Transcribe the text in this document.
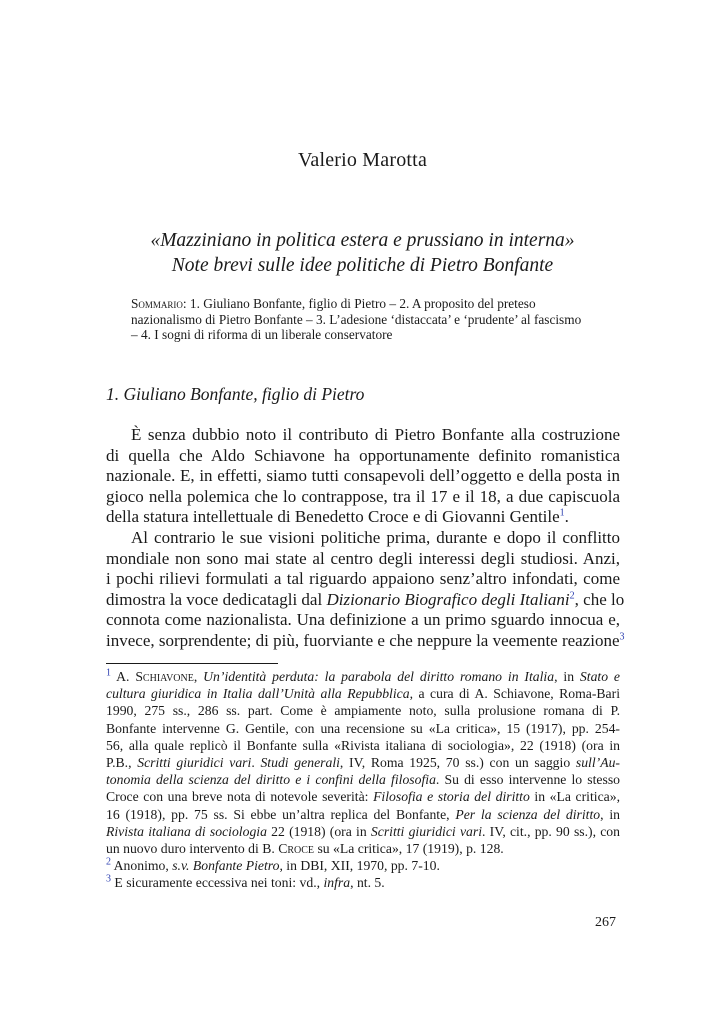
Valerio Marotta
«Mazziniano in politica estera e prussiano in interna»
Note brevi sulle idee politiche di Pietro Bonfante
Sommario: 1. Giuliano Bonfante, figlio di Pietro – 2. A proposito del preteso
nazionalismo di Pietro Bonfante – 3. L’adesione ‘distaccata’ e ‘prudente’ al fascismo
– 4. I sogni di riforma di un liberale conservatore
1. Giuliano Bonfante, figlio di Pietro
È senza dubbio noto il contributo di Pietro Bonfante alla costruzione
di quella che Aldo Schiavone ha opportunamente definito romanistica
nazionale. E, in effetti, siamo tutti consapevoli dell’oggetto e della posta in
gioco nella polemica che lo contrappose, tra il 17 e il 18, a due capiscuola
della statura intellettuale di Benedetto Croce e di Giovanni Gentile$^1$.
Al contrario le sue visioni politiche prima, durante e dopo il conflitto
mondiale non sono mai state al centro degli interessi degli studiosi. Anzi,
i pochi rilievi formulati a tal riguardo appaiono senz’altro infondati, come
dimostra la voce dedicatagli dal Dizionario Biografico degli Italiani$^2$, che lo
connota come nazionalista. Una definizione a un primo sguardo innocua e,
invece, sorprendente; di più, fuorviante e che neppure la veemente reazione$^3$
$^1$ A. Schiavone, Un’identità perduta: la parabola del diritto romano in Italia, in Stato e
cultura giuridica in Italia dall’Unità alla Repubblica, a cura di A. Schiavone, Roma-Bari
1990, 275 ss., 286 ss. part. Come è ampiamente noto, sulla prolusione romana di P.
Bonfante intervenne G. Gentile, con una recensione su «La critica», 15 (1917), pp. 254-
56, alla quale replicò il Bonfante sulla «Rivista italiana di sociologia», 22 (1918) (ora in
P.B., Scritti giuridici vari. Studi generali, IV, Roma 1925, 70 ss.) con un saggio sull’Au-
tonomia della scienza del diritto e i confini della filosofia. Su di esso intervenne lo stesso
Croce con una breve nota di notevole severità: Filosofia e storia del diritto in «La critica»,
16 (1918), pp. 75 ss. Si ebbe un’altra replica del Bonfante, Per la scienza del diritto, in
Rivista italiana di sociologia 22 (1918) (ora in Scritti giuridici vari. IV, cit., pp. 90 ss.), con
un nuovo duro intervento di B. Croce su «La critica», 17 (1919), p. 128.
$^2$ Anonimo, s.v. Bonfante Pietro, in DBI, XII, 1970, pp. 7-10.
$^3$ E sicuramente eccessiva nei toni: vd., infra, nt. 5.
267
